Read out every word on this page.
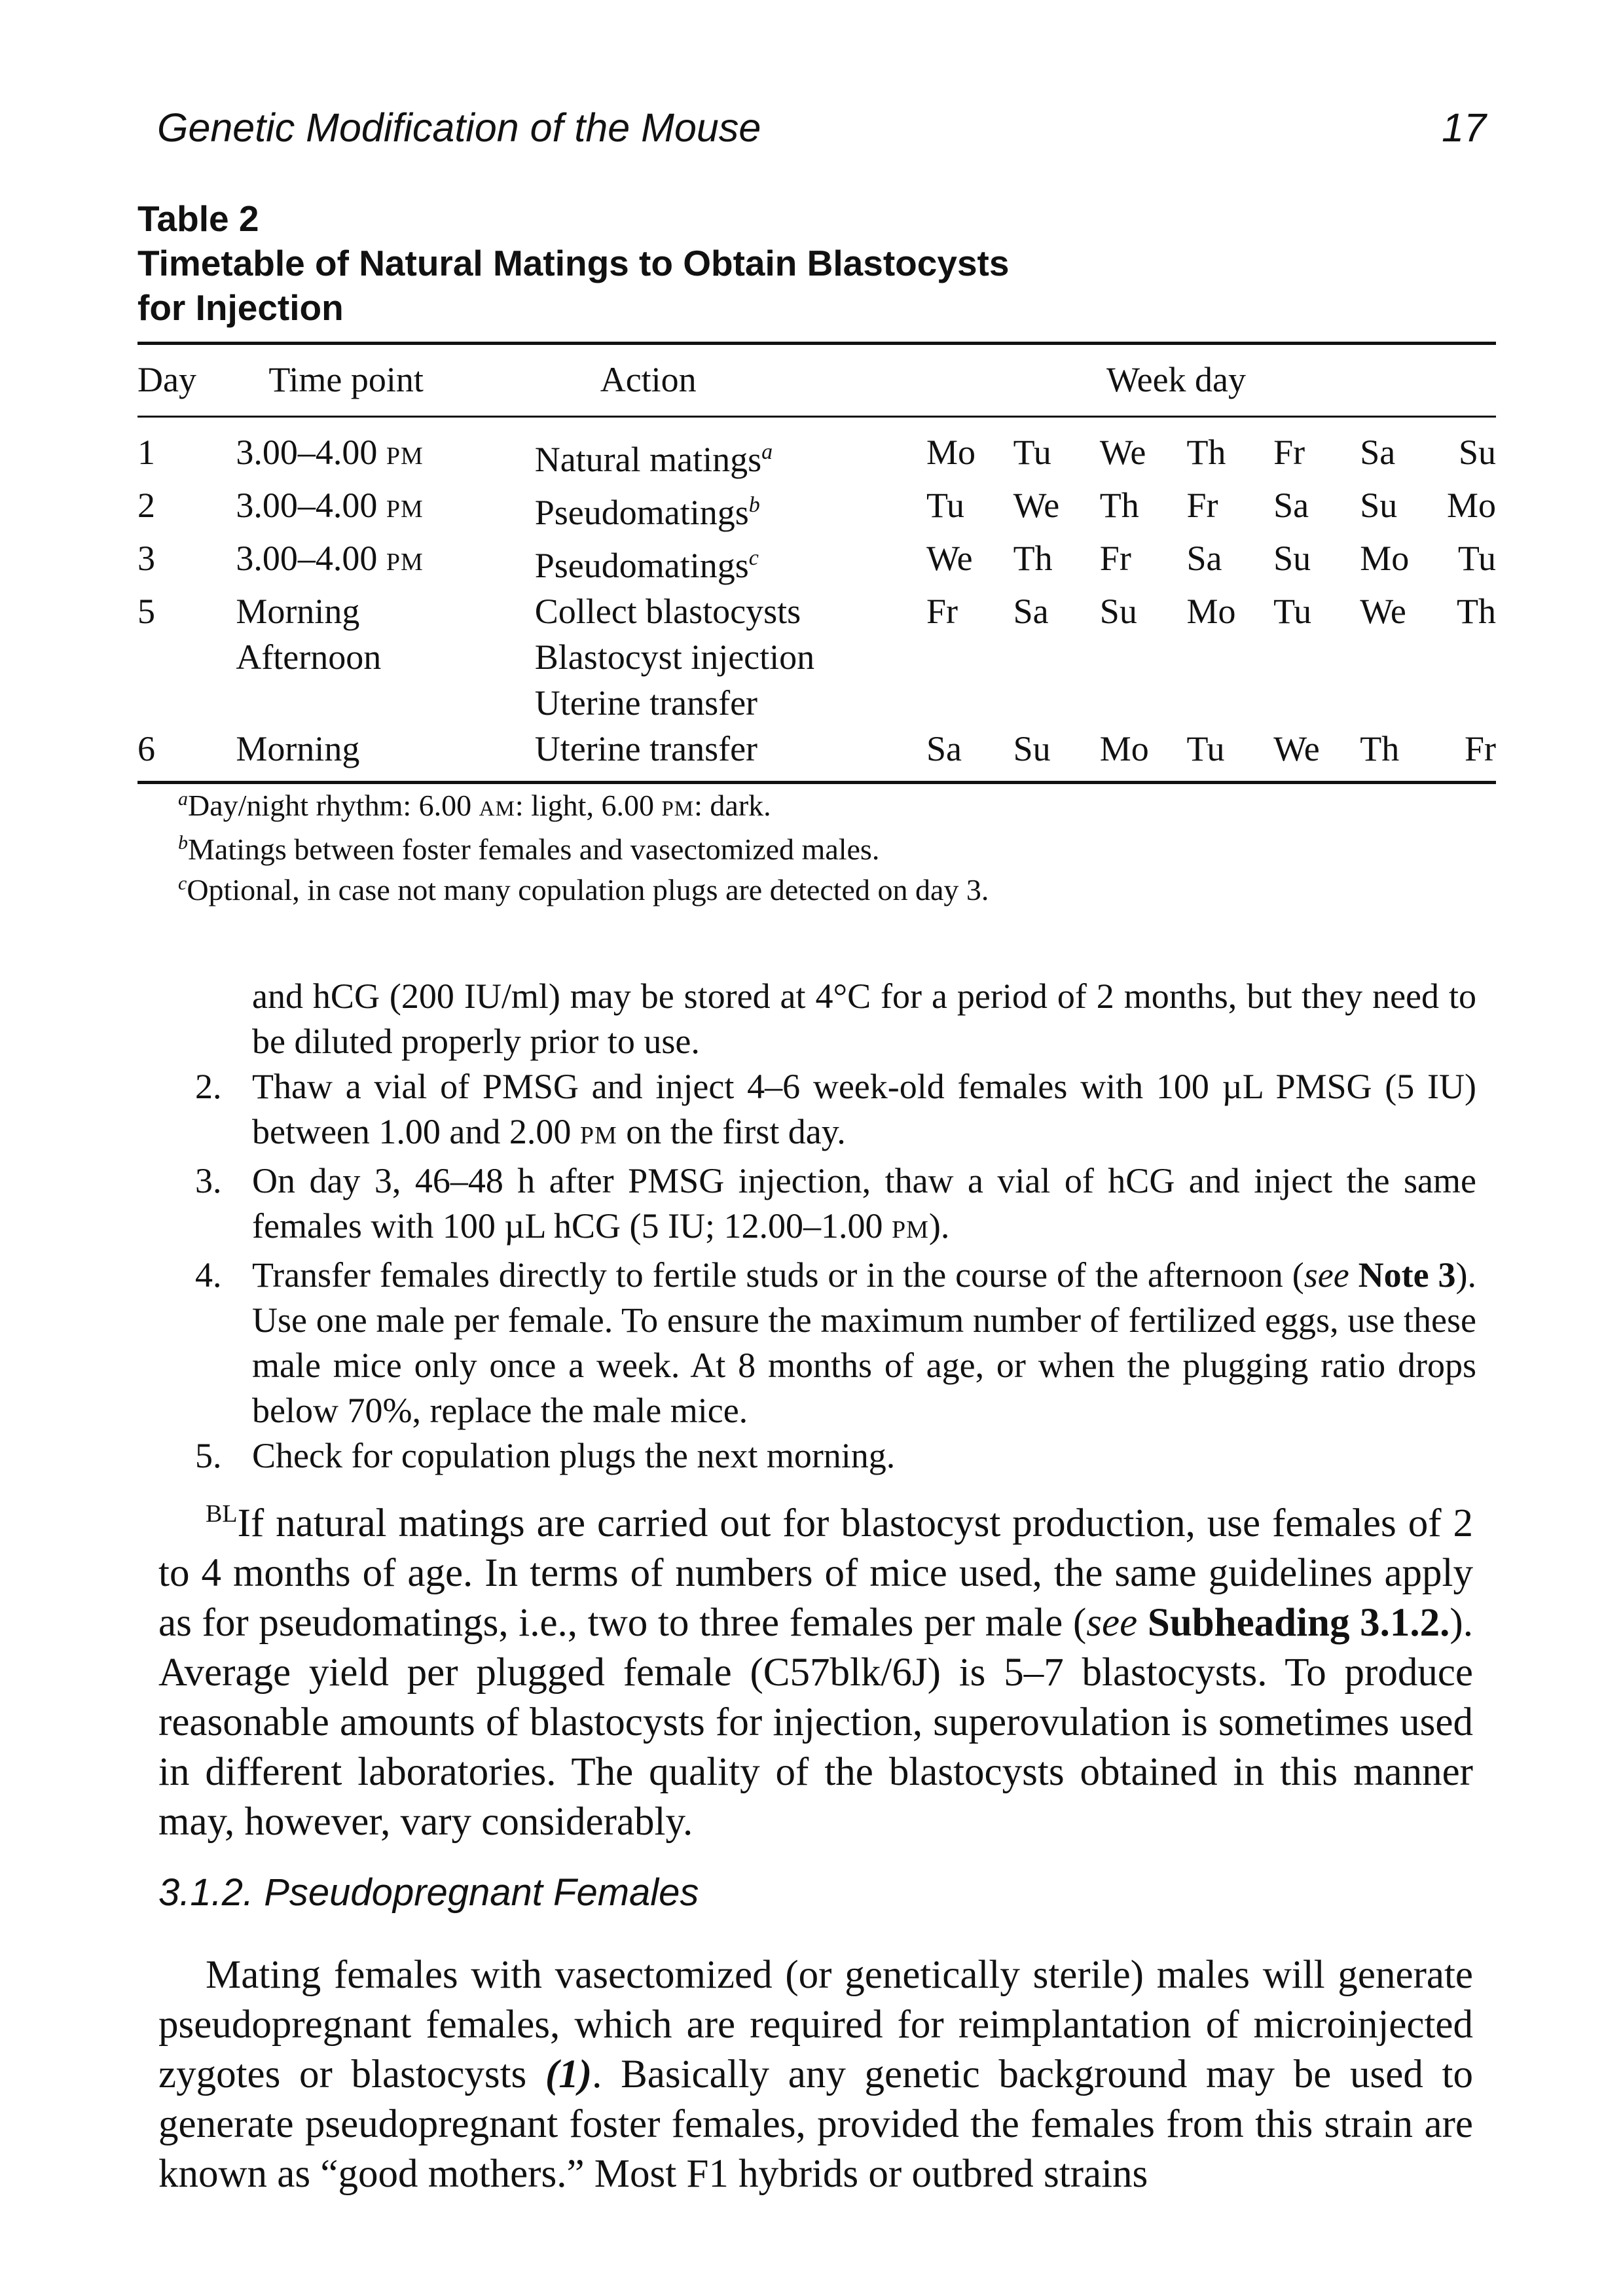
Genetic Modification of the Mouse	17
Table 2
Timetable of Natural Matings to Obtain Blastocysts
for Injection
Day	Time point	Action	Week day						
1	3.00–4.00 PM	Natural matings$^a$	Mo	Tu	We	Th	Fr	Sa	Su
2	3.00–4.00 PM	Pseudomatings$^b$	Tu	We	Th	Fr	Sa	Su	Mo
3	3.00–4.00 PM	Pseudomatings$^c$	We	Th	Fr	Sa	Su	Mo	Tu
5	Morning	Collect blastocysts	Fr	Sa	Su	Mo	Tu	We	Th
	Afternoon	Blastocyst injection							
		Uterine transfer							
6	Morning	Uterine transfer	Sa	Su	Mo	Tu	We	Th	Fr
$^a$Day/night rhythm: 6.00 AM: light, 6.00 PM: dark.
$^b$Matings between foster females and vasectomized males.
$^c$Optional, in case not many copulation plugs are detected on day 3.
and hCG (200 IU/ml) may be stored at 4°C for a period of 2 months, but they need to be diluted properly prior to use.
2. Thaw a vial of PMSG and inject 4–6 week-old females with 100 µL PMSG (5 IU) between 1.00 and 2.00 PM on the first day.
3. On day 3, 46–48 h after PMSG injection, thaw a vial of hCG and inject the same females with 100 µL hCG (5 IU; 12.00–1.00 PM).
4. Transfer females directly to fertile studs or in the course of the afternoon (see Note 3). Use one male per female. To ensure the maximum number of fertilized eggs, use these male mice only once a week. At 8 months of age, or when the plugging ratio drops below 70%, replace the male mice.
5. Check for copulation plugs the next morning.
$^{BL}$If natural matings are carried out for blastocyst production, use females of 2 to 4 months of age. In terms of numbers of mice used, the same guidelines apply as for pseudomatings, i.e., two to three females per male (see Subheading 3.1.2.). Average yield per plugged female (C57blk/6J) is 5–7 blastocysts. To produce reasonable amounts of blastocysts for injection, superovulation is sometimes used in different laboratories. The quality of the blastocysts obtained in this manner may, however, vary considerably.
3.1.2. Pseudopregnant Females
Mating females with vasectomized (or genetically sterile) males will generate pseudopregnant females, which are required for reimplantation of microinjected zygotes or blastocysts (1). Basically any genetic background may be used to generate pseudopregnant foster females, provided the females from this strain are known as “good mothers.” Most F1 hybrids or outbred strains
